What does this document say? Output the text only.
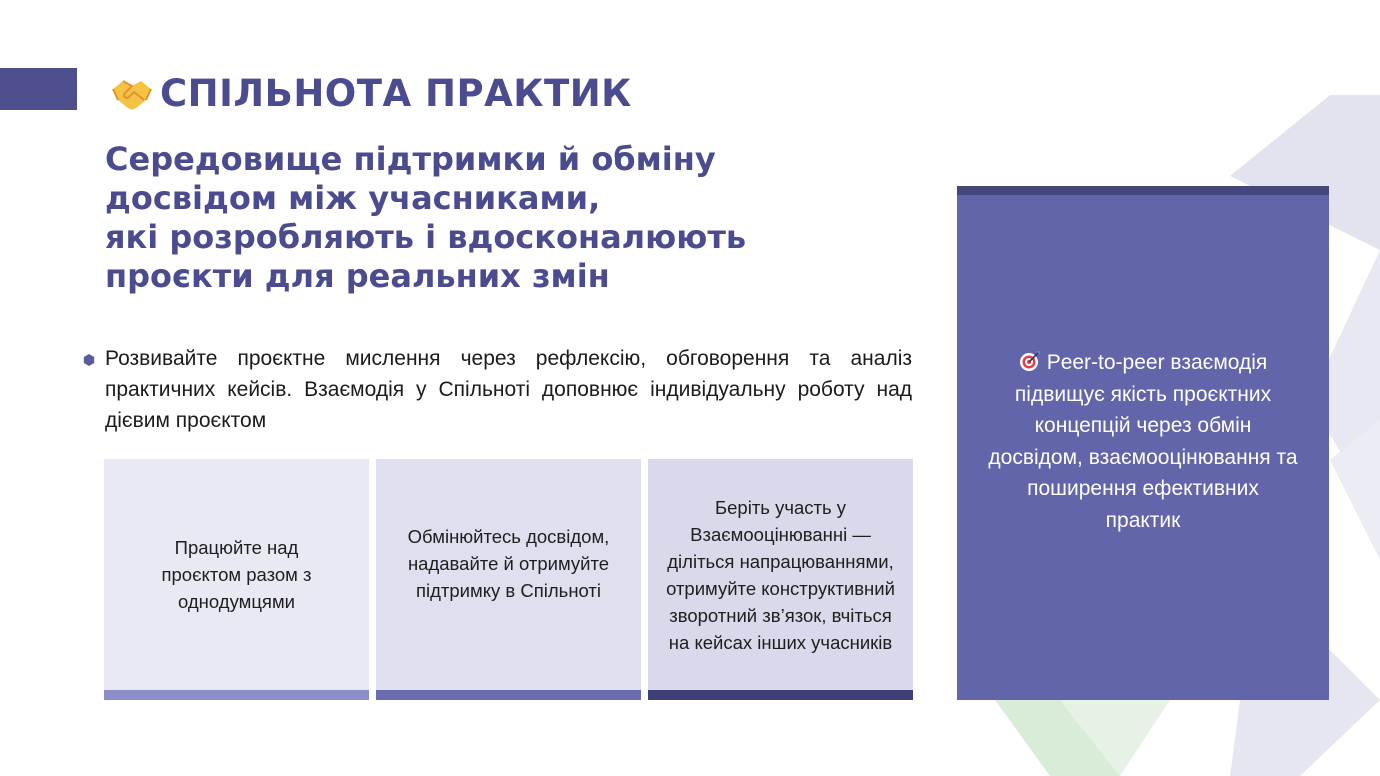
СПІЛЬНОТА ПРАКТИК
Середовище підтримки й обміну
досвідом між учасниками,
які розробляють і вдосконалюють
проєкти для реальних змін
Розвивайте проєктне мислення через рефлексію, обговорення та аналіз практичних кейсів. Взаємодія у Спільноті доповнює індивідуальну роботу над дієвим проєктом
Працюйте над проєктом разом з однодумцями
Обмінюйтесь досвідом, надавайте й отримуйте підтримку в Спільноті
Беріть участь у Взаємооцінюванні — діліться напрацюваннями, отримуйте конструктивний зворотний зв’язок, вчіться на кейсах інших учасників
Peer-to-peer взаємодія підвищує якість проєктних концепцій через обмін досвідом, взаємооцінювання та поширення ефективних практик
